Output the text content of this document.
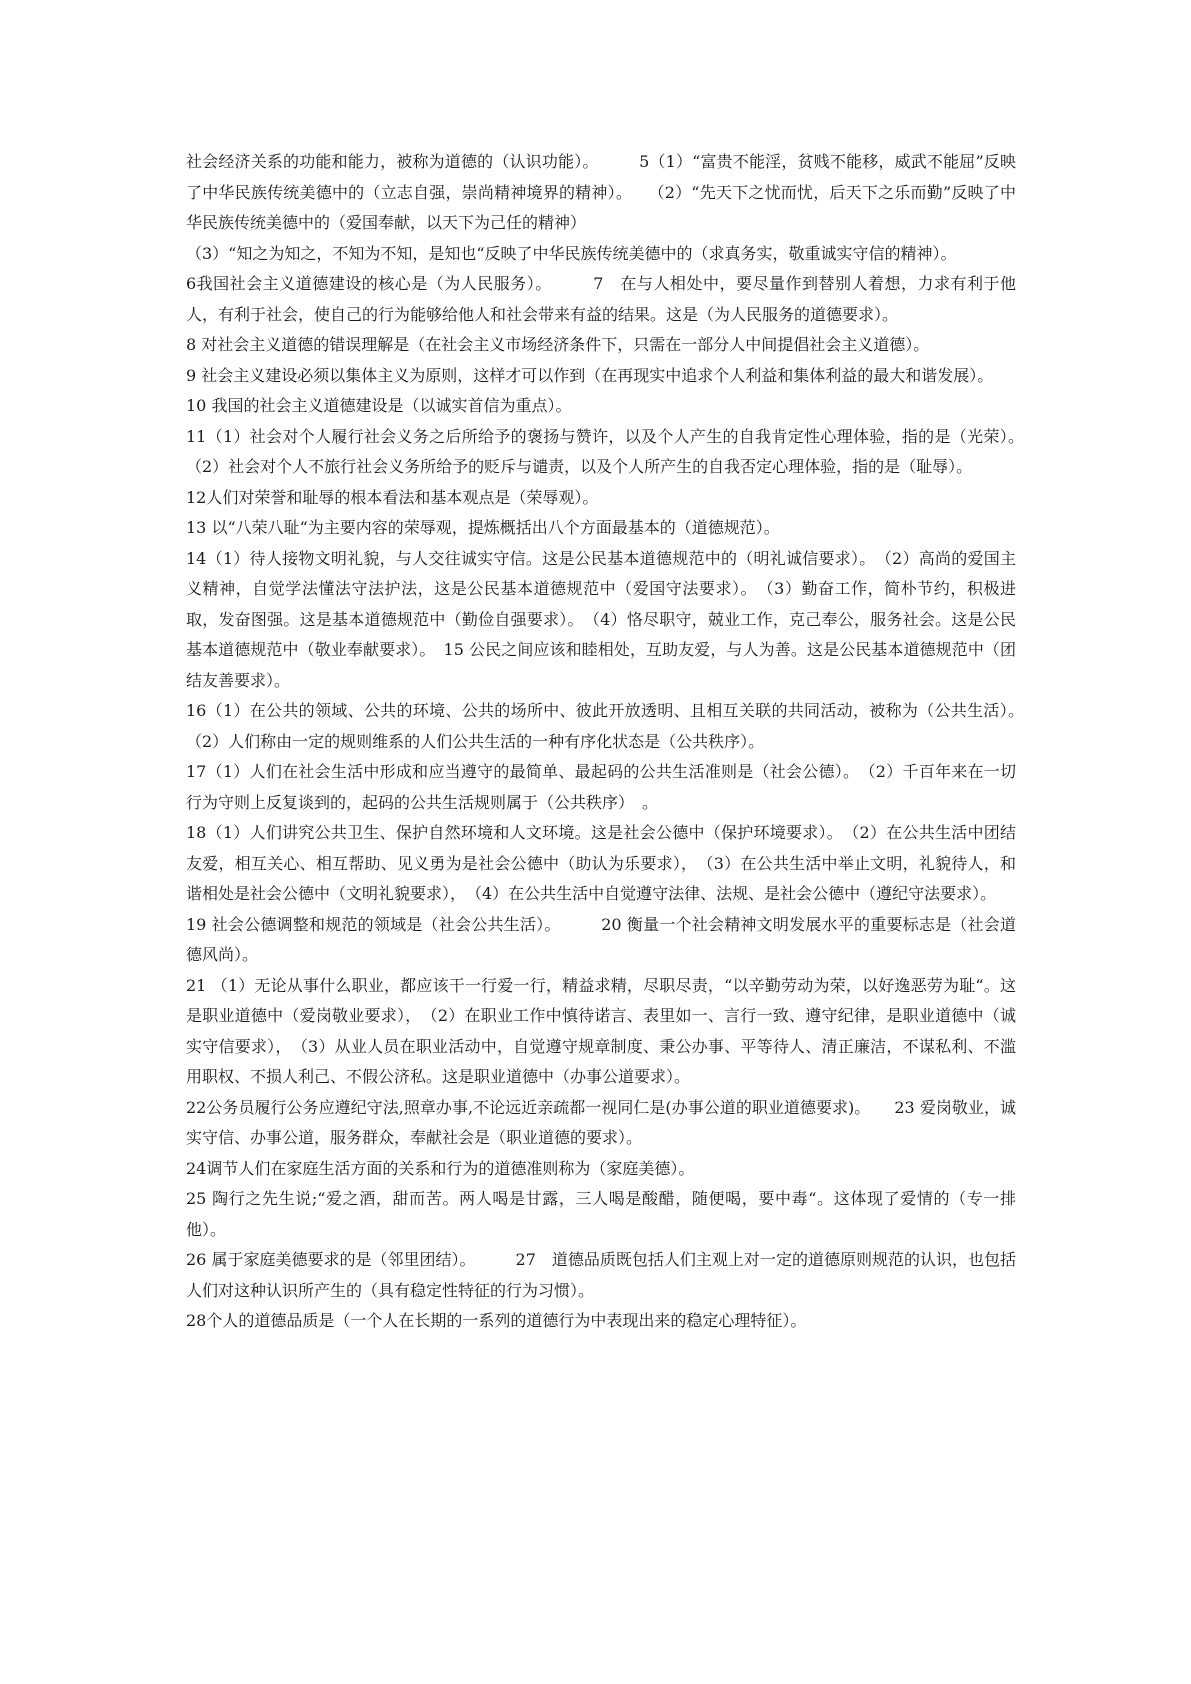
社会经济关系的功能和能力，被称为道德的（认识功能）。　　　5（1）“富贵不能淫，贫贱不能移，威武不能屈”反映了中华民族传统美德中的（立志自强，崇尚精神境界的精神）。　　（2）“先天下之忧而忧，后天下之乐而勤”反映了中华民族传统美德中的（爱国奉献，以天下为己任的精神）

（3）“知之为知之，不知为不知，是知也“反映了中华民族传统美德中的（求真务实，敬重诚实守信的精神）。

6我国社会主义道德建设的核心是（为人民服务）。　　　7　在与人相处中，要尽量作到替别人着想，力求有利于他人，有利于社会，使自己的行为能够给他人和社会带来有益的结果。这是（为人民服务的道德要求）。

8 对社会主义道德的错误理解是（在社会主义市场经济条件下，只需在一部分人中间提倡社会主义道德）。

9 社会主义建设必须以集体主义为原则，这样才可以作到（在再现实中追求个人利益和集体利益的最大和谐发展）。

10 我国的社会主义道德建设是（以诚实首信为重点）。

11（1）社会对个人履行社会义务之后所给予的褒扬与赞许，以及个人产生的自我肯定性心理体验，指的是（光荣）。　（2）社会对个人不旅行社会义务所给予的贬斥与谴责，以及个人所产生的自我否定心理体验，指的是（耻辱）。

12人们对荣誉和耻辱的根本看法和基本观点是（荣辱观）。

13 以“八荣八耻“为主要内容的荣辱观，提炼概括出八个方面最基本的（道德规范）。

14（1）待人接物文明礼貌，与人交往诚实守信。这是公民基本道德规范中的（明礼诚信要求）。　（2）高尚的爱国主义精神，自觉学法懂法守法护法，这是公民基本道德规范中（爱国守法要求）。　（3）勤奋工作，简朴节约，积极进取，发奋图强。这是基本道德规范中（勤俭自强要求）。　（4）恪尽职守，兢业工作，克己奉公，服务社会。这是公民基本道德规范中（敬业奉献要求）。　15 公民之间应该和睦相处，互助友爱，与人为善。这是公民基本道德规范中（团结友善要求）。

16（1）在公共的领域、公共的环境、公共的场所中、彼此开放透明、且相互关联的共同活动，被称为（公共生活）。　（2）人们称由一定的规则维系的人们公共生活的一种有序化状态是（公共秩序）。

17（1）人们在社会生活中形成和应当遵守的最简单、最起码的公共生活准则是（社会公德）。　（2）千百年来在一切行为守则上反复谈到的，起码的公共生活规则属于（公共秩序）　。

18（1）人们讲究公共卫生、保护自然环境和人文环境。这是社会公德中（保护环境要求）。　（2）在公共生活中团结友爱，相互关心、相互帮助、见义勇为是社会公德中（助认为乐要求），　（3）在公共生活中举止文明，礼貌待人，和谐相处是社会公德中（文明礼貌要求），　（4）在公共生活中自觉遵守法律、法规、是社会公德中（遵纪守法要求）。

19 社会公德调整和规范的领域是（社会公共生活）。　　　20 衡量一个社会精神文明发展水平的重要标志是（社会道德风尚）。

21 （1）无论从事什么职业，都应该干一行爱一行，精益求精，尽职尽责，“以辛勤劳动为荣，以好逸恶劳为耻“。这是职业道德中（爱岗敬业要求），　（2）在职业工作中慎待诺言、表里如一、言行一致、遵守纪律，是职业道德中（诚实守信要求），　（3）从业人员在职业活动中，自觉遵守规章制度、秉公办事、平等待人、清正廉洁，不谋私利、不滥用职权、不损人利己、不假公济私。这是职业道德中（办事公道要求）。

22公务员履行公务应遵纪守法,照章办事,不论远近亲疏都一视同仁是(办事公道的职业道德要求)。　　23 爱岗敬业，诚实守信、办事公道，服务群众，奉献社会是（职业道德的要求）。

24调节人们在家庭生活方面的关系和行为的道德准则称为（家庭美德）。

25 陶行之先生说;“爱之酒，甜而苦。两人喝是甘露，三人喝是酸醋，随便喝，要中毒“。这体现了爱情的（专一排他）。

26 属于家庭美德要求的是（邻里团结）。　　　27　道德品质既包括人们主观上对一定的道德原则规范的认识，也包括人们对这种认识所产生的（具有稳定性特征的行为习惯）。

28个人的道德品质是（一个人在长期的一系列的道德行为中表现出来的稳定心理特征）。
